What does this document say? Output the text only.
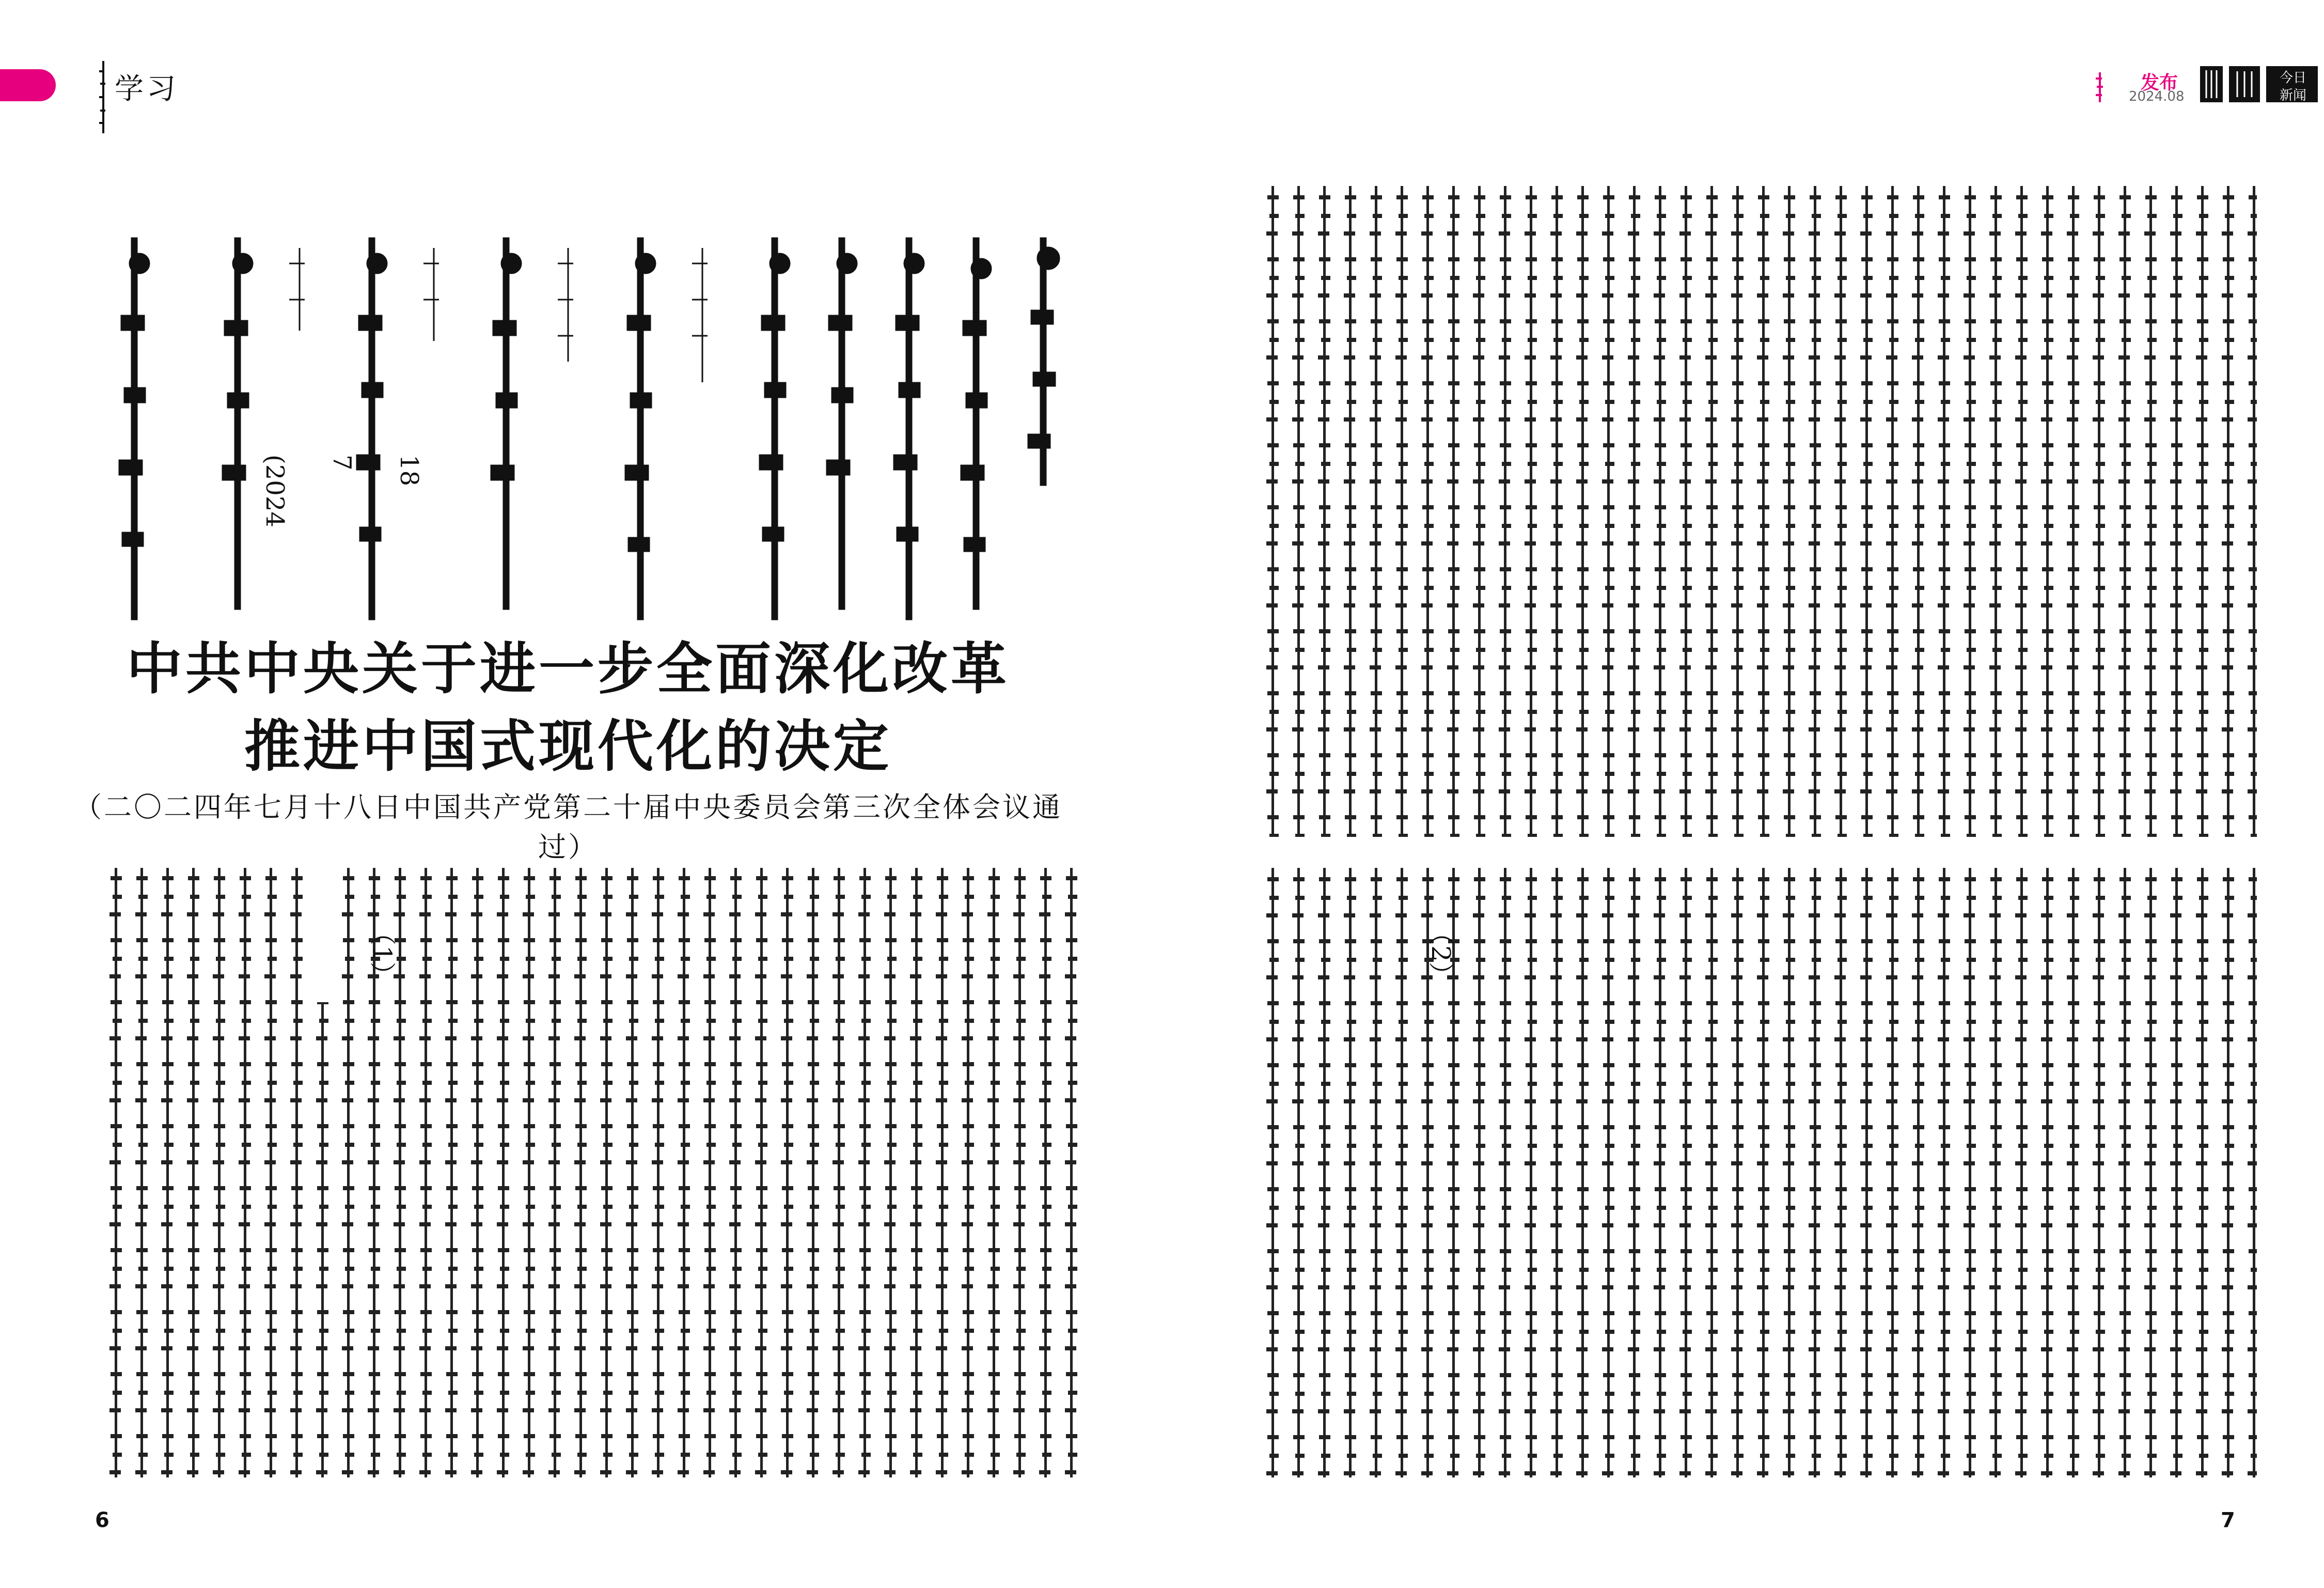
学习	发布
2024.08
今日
新闻
(2024	18
7
中共中央关于进一步全面深化改革
推进中国式现代化的决定
（二〇二四年七月十八日中国共产党第二十届中央委员会第三次全体会议通过）
（1）	（2）
6	7
